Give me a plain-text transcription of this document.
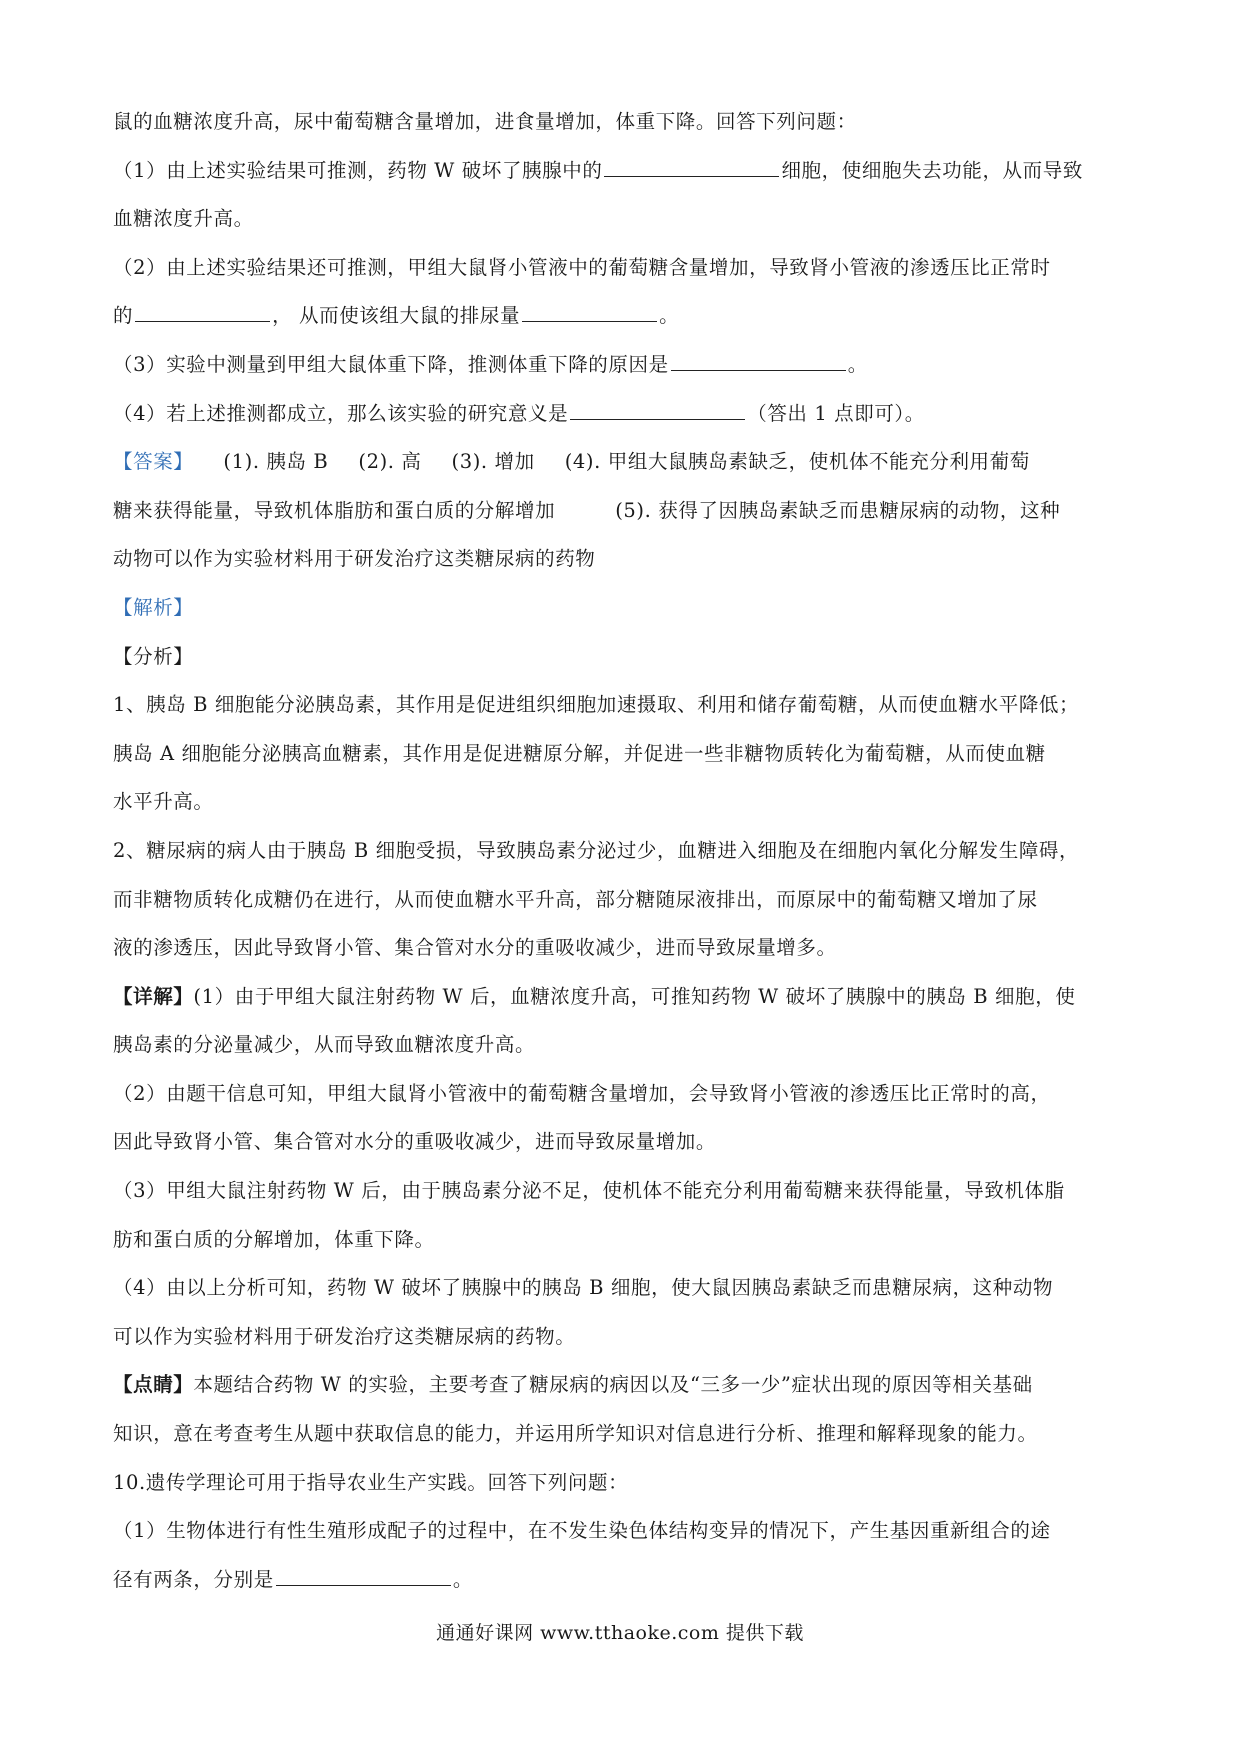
鼠的血糖浓度升高，尿中葡萄糖含量增加，进食量增加，体重下降。回答下列问题：

（1）由上述实验结果可推测，药物 W 破坏了胰腺中的	细胞，使细胞失去功能，从而导致

血糖浓度升高。

（2）由上述实验结果还可推测，甲组大鼠肾小管液中的葡萄糖含量增加，导致肾小管液的渗透压比正常时

的	， 从而使该组大鼠的排尿量	。

（3）实验中测量到甲组大鼠体重下降，推测体重下降的原因是	。

（4）若上述推测都成立，那么该实验的研究意义是	（答出 1 点即可）。

【答案】 (1). 胰岛 B (2). 高 (3). 增加 (4). 甲组大鼠胰岛素缺乏，使机体不能充分利用葡萄

糖来获得能量，导致机体脂肪和蛋白质的分解增加	(5). 获得了因胰岛素缺乏而患糖尿病的动物，这种

动物可以作为实验材料用于研发治疗这类糖尿病的药物

【解析】

【分析】

1、胰岛 B 细胞能分泌胰岛素，其作用是促进组织细胞加速摄取、利用和储存葡萄糖，从而使血糖水平降低；

胰岛 A 细胞能分泌胰高血糖素，其作用是促进糖原分解，并促进一些非糖物质转化为葡萄糖，从而使血糖

水平升高。

2、糖尿病的病人由于胰岛 B 细胞受损，导致胰岛素分泌过少，血糖进入细胞及在细胞内氧化分解发生障碍，

而非糖物质转化成糖仍在进行，从而使血糖水平升高，部分糖随尿液排出，而原尿中的葡萄糖又增加了尿

液的渗透压，因此导致肾小管、集合管对水分的重吸收减少，进而导致尿量增多。

【详解】(1）由于甲组大鼠注射药物 W 后，血糖浓度升高，可推知药物 W 破坏了胰腺中的胰岛 B 细胞，使

胰岛素的分泌量减少，从而导致血糖浓度升高。

（2）由题干信息可知，甲组大鼠肾小管液中的葡萄糖含量增加，会导致肾小管液的渗透压比正常时的高，

因此导致肾小管、集合管对水分的重吸收减少，进而导致尿量增加。

（3）甲组大鼠注射药物 W 后，由于胰岛素分泌不足，使机体不能充分利用葡萄糖来获得能量，导致机体脂

肪和蛋白质的分解增加，体重下降。

（4）由以上分析可知，药物 W 破坏了胰腺中的胰岛 B 细胞，使大鼠因胰岛素缺乏而患糖尿病，这种动物

可以作为实验材料用于研发治疗这类糖尿病的药物。

【点睛】本题结合药物 W 的实验，主要考查了糖尿病的病因以及“三多一少”症状出现的原因等相关基础

知识，意在考查考生从题中获取信息的能力，并运用所学知识对信息进行分析、推理和解释现象的能力。

10.遗传学理论可用于指导农业生产实践。回答下列问题：

（1）生物体进行有性生殖形成配子的过程中，在不发生染色体结构变异的情况下，产生基因重新组合的途

径有两条，分别是	。

通通好课网 www.tthaoke.com 提供下载
